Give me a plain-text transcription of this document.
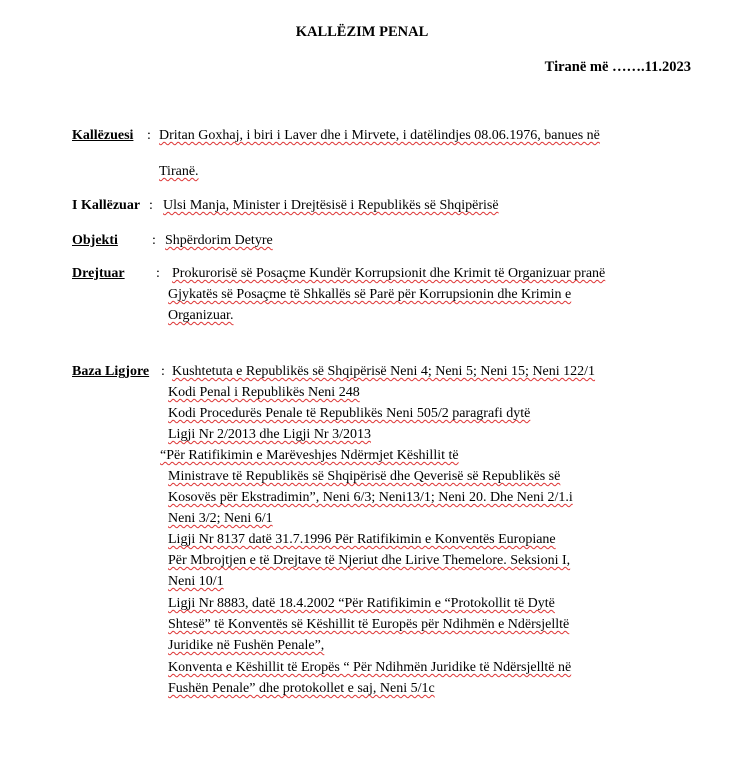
KALLËZIM PENAL
Tiranë më …….11.2023
Kallëzuesi : Dritan Goxhaj, i biri i Laver dhe i Mirvete, i datëlindjes 08.06.1976, banues në
Tiranë.
I Kallëzuar : Ulsi Manja, Minister i Drejtësisë i Republikës së Shqipërisë
Objekti : Shpërdorim Detyre
Drejtuar : Prokurorisë së Posaçme Kundër Korrupsionit dhe Krimit të Organizuar pranë
Gjykatës së Posaçme të Shkallës së Parë për Korrupsionin dhe Krimin e
Organizuar.
Baza Ligjore : Kushtetuta e Republikës së Shqipërisë Neni 4; Neni 5; Neni 15; Neni 122/1
Kodi Penal i Republikës Neni 248
Kodi Procedurës Penale të Republikës Neni 505/2 paragrafi dytë
Ligji Nr 2/2013 dhe Ligji Nr 3/2013
“Për Ratifikimin e Marëveshjes Ndërmjet Këshillit të
Ministrave të Republikës së Shqipërisë dhe Qeverisë së Republikës së
Kosovës për Ekstradimin”, Neni 6/3; Neni13/1; Neni 20. Dhe Neni 2/1.i
Neni 3/2; Neni 6/1
Ligji Nr 8137 datë 31.7.1996 Për Ratifikimin e Konventës Europiane
Për Mbrojtjen e të Drejtave të Njeriut dhe Lirive Themelore. Seksioni I,
Neni 10/1
Ligji Nr 8883, datë 18.4.2002 “Për Ratifikimin e “Protokollit të Dytë
Shtesë” të Konventës së Këshillit të Europës për Ndihmën e Ndërsjelltë
Juridike në Fushën Penale”,
Konventa e Këshillit të Eropës “ Për Ndihmën Juridike të Ndërsjelltë në
Fushën Penale” dhe protokollet e saj, Neni 5/1c
